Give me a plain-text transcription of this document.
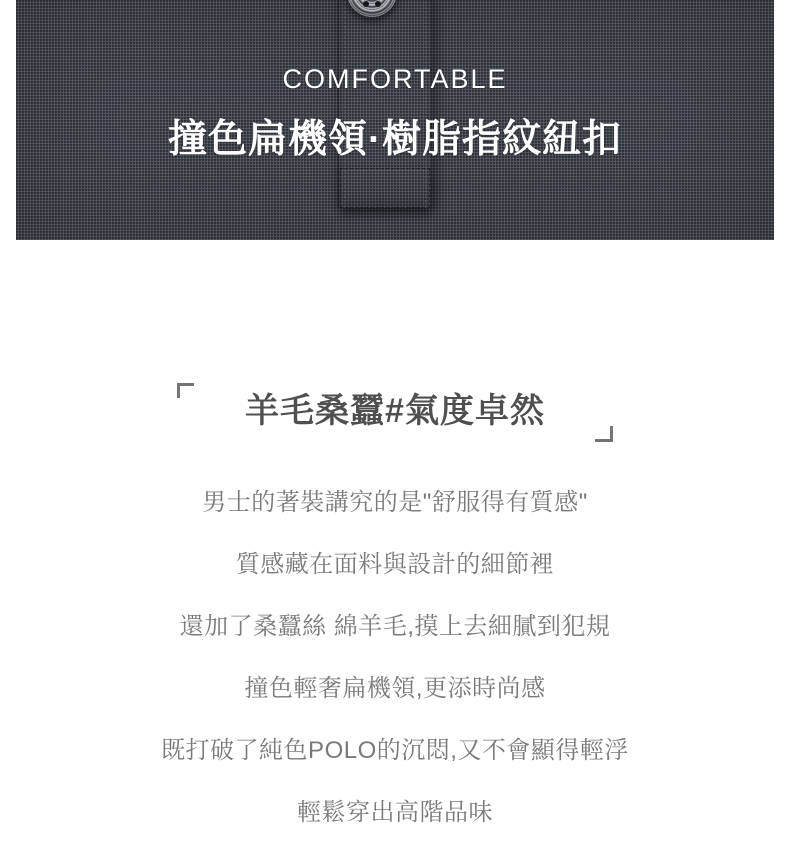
COMFORTABLE
撞色扁機領·樹脂指紋紐扣
羊毛桑蠶#氣度卓然

男士的著裝講究的是"舒服得有質感"

質感藏在面料與設計的細節裡

還加了桑蠶絲 綿羊毛,摸上去細膩到犯規

撞色輕奢扁機領,更添時尚感

既打破了純色POLO的沉悶,又不會顯得輕浮

輕鬆穿出高階品味
